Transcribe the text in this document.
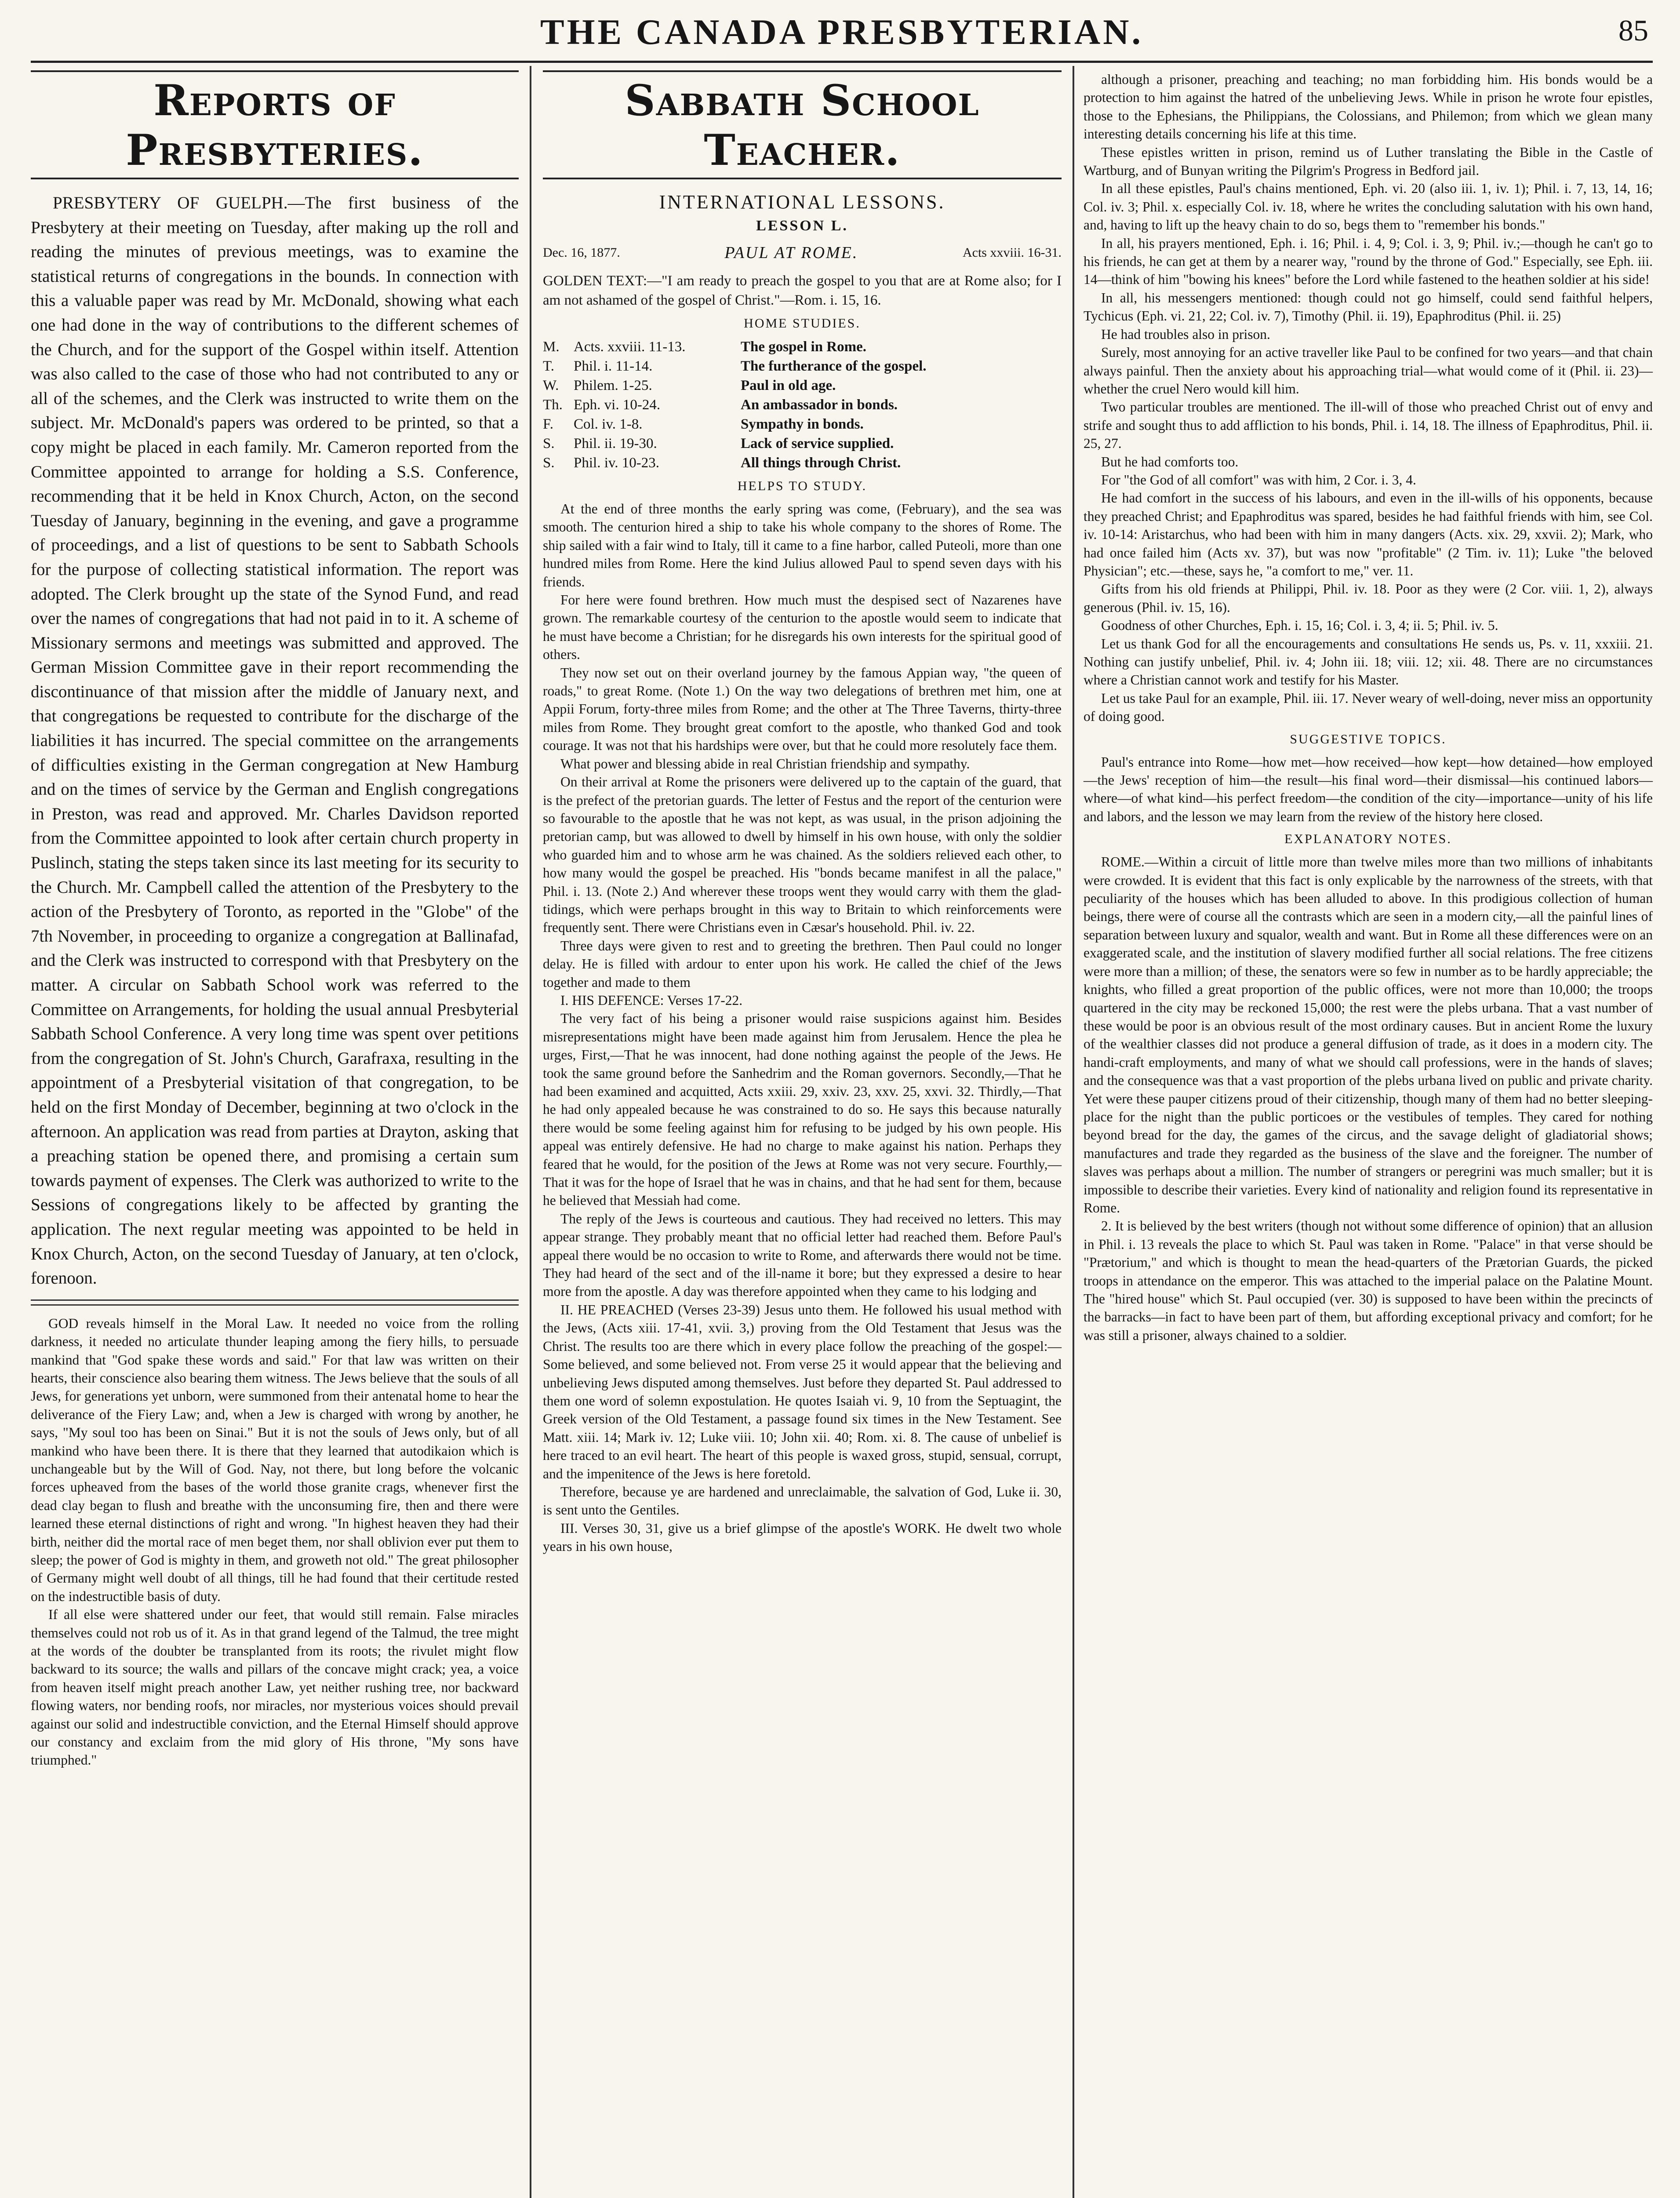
THE CANADA PRESBYTERIAN.	85
Reports of Presbyteries.

PRESBYTERY OF GUELPH.—The first business of the Presbytery at their meeting on Tuesday, after making up the roll and reading the minutes of previous meetings, was to examine the statistical returns of congregations in the bounds. In connection with this a valuable paper was read by Mr. McDonald, showing what each one had done in the way of contributions to the different schemes of the Church, and for the support of the Gospel within itself. Attention was also called to the case of those who had not contributed to any or all of the schemes, and the Clerk was instructed to write them on the subject. Mr. McDonald's papers was ordered to be printed, so that a copy might be placed in each family. Mr. Cameron reported from the Committee appointed to arrange for holding a S.S. Conference, recommending that it be held in Knox Church, Acton, on the second Tuesday of January, beginning in the evening, and gave a programme of proceedings, and a list of questions to be sent to Sabbath Schools for the purpose of collecting statistical information. The report was adopted. The Clerk brought up the state of the Synod Fund, and read over the names of congregations that had not paid in to it. A scheme of Missionary sermons and meetings was submitted and approved. The German Mission Committee gave in their report recommending the discontinuance of that mission after the middle of January next, and that congregations be requested to contribute for the discharge of the liabilities it has incurred. The special committee on the arrangements of difficulties existing in the German congregation at New Hamburg and on the times of service by the German and English congregations in Preston, was read and approved. Mr. Charles Davidson reported from the Committee appointed to look after certain church property in Puslinch, stating the steps taken since its last meeting for its security to the Church. Mr. Campbell called the attention of the Presbytery to the action of the Presbytery of Toronto, as reported in the "Globe" of the 7th November, in proceeding to organize a congregation at Ballinafad, and the Clerk was instructed to correspond with that Presbytery on the matter. A circular on Sabbath School work was referred to the Committee on Arrangements, for holding the usual annual Presbyterial Sabbath School Conference. A very long time was spent over petitions from the congregation of St. John's Church, Garafraxa, resulting in the appointment of a Presbyterial visitation of that congregation, to be held on the first Monday of December, beginning at two o'clock in the afternoon. An application was read from parties at Drayton, asking that a preaching station be opened there, and promising a certain sum towards payment of expenses. The Clerk was authorized to write to the Sessions of congregations likely to be affected by granting the application. The next regular meeting was appointed to be held in Knox Church, Acton, on the second Tuesday of January, at ten o'clock, forenoon.

GOD reveals himself in the Moral Law. It needed no voice from the rolling darkness, it needed no articulate thunder leaping among the fiery hills, to persuade mankind that "God spake these words and said." For that law was written on their hearts, their conscience also bearing them witness. The Jews believe that the souls of all Jews, for generations yet unborn, were summoned from their antenatal home to hear the deliverance of the Fiery Law; and, when a Jew is charged with wrong by another, he says, "My soul too has been on Sinai." But it is not the souls of Jews only, but of all mankind who have been there. It is there that they learned that autodikaion which is unchangeable but by the Will of God. Nay, not there, but long before the volcanic forces upheaved from the bases of the world those granite crags, whenever first the dead clay began to flush and breathe with the unconsuming fire, then and there were learned these eternal distinctions of right and wrong. "In highest heaven they had their birth, neither did the mortal race of men beget them, nor shall oblivion ever put them to sleep; the power of God is mighty in them, and groweth not old." The great philosopher of Germany might well doubt of all things, till he had found that their certitude rested on the indestructible basis of duty.

If all else were shattered under our feet, that would still remain. False miracles themselves could not rob us of it. As in that grand legend of the Talmud, the tree might at the words of the doubter be transplanted from its roots; the rivulet might flow backward to its source; the walls and pillars of the concave might crack; yea, a voice from heaven itself might preach another Law, yet neither rushing tree, nor backward flowing waters, nor bending roofs, nor miracles, nor mysterious voices should prevail against our solid and indestructible conviction, and the Eternal Himself should approve our constancy and exclaim from the mid glory of His throne, "My sons have triumphed."

Sabbath School Teacher.
INTERNATIONAL LESSONS.
LESSON L.
Dec. 16, 1877.	PAUL AT ROME.	Acts xxviii. 16-31.
GOLDEN TEXT:—"I am ready to preach the gospel to you that are at Rome also; for I am not ashamed of the gospel of Christ."—Rom. i. 15, 16.
HOME STUDIES.
M. Acts. xxviii. 11-13.	The gospel in Rome.
T.	Phil. i. 11-14.	The furtherance of the gospel.
W.	Philem. 1-25.	Paul in old age.
Th. Eph. vi. 10-24.	An ambassador in bonds.
F.	Col. iv. 1-8.	Sympathy in bonds.
S.	Phil. ii. 19-30.	Lack of service supplied.
S.	Phil. iv. 10-23.	All things through Christ.
HELPS TO STUDY.

At the end of three months the early spring was come, (February), and the sea was smooth. The centurion hired a ship to take his whole company to the shores of Rome. The ship sailed with a fair wind to Italy, till it came to a fine harbor, called Puteoli, more than one hundred miles from Rome. Here the kind Julius allowed Paul to spend seven days with his friends.

For here were found brethren. How much must the despised sect of Nazarenes have grown. The remarkable courtesy of the centurion to the apostle would seem to indicate that he must have become a Christian; for he disregards his own interests for the spiritual good of others.

They now set out on their overland journey by the famous Appian way, "the queen of roads," to great Rome. (Note 1.) On the way two delegations of brethren met him, one at Appii Forum, forty-three miles from Rome; and the other at The Three Taverns, thirty-three miles from Rome. They brought great comfort to the apostle, who thanked God and took courage. It was not that his hardships were over, but that he could more resolutely face them.

What power and blessing abide in real Christian friendship and sympathy.

On their arrival at Rome the prisoners were delivered up to the captain of the guard, that is the prefect of the pretorian guards. The letter of Festus and the report of the centurion were so favourable to the apostle that he was not kept, as was usual, in the prison adjoining the pretorian camp, but was allowed to dwell by himself in his own house, with only the soldier who guarded him and to whose arm he was chained. As the soldiers relieved each other, to how many would the gospel be preached. His "bonds became manifest in all the palace," Phil. i. 13. (Note 2.) And wherever these troops went they would carry with them the glad-tidings, which were perhaps brought in this way to Britain to which reinforcements were frequently sent. There were Christians even in Cæsar's household. Phil. iv. 22.

Three days were given to rest and to greeting the brethren. Then Paul could no longer delay. He is filled with ardour to enter upon his work. He called the chief of the Jews together and made to them

I. HIS DEFENCE: Verses 17-22.

The very fact of his being a prisoner would raise suspicions against him. Besides misrepresentations might have been made against him from Jerusalem. Hence the plea he urges, First,—That he was innocent, had done nothing against the people of the Jews. He took the same ground before the Sanhedrim and the Roman governors. Secondly,—That he had been examined and acquitted, Acts xxiii. 29, xxiv. 23, xxv. 25, xxvi. 32. Thirdly,—That he had only appealed because he was constrained to do so. He says this because naturally there would be some feeling against him for refusing to be judged by his own people. His appeal was entirely defensive. He had no charge to make against his nation. Perhaps they feared that he would, for the position of the Jews at Rome was not very secure. Fourthly,—That it was for the hope of Israel that he was in chains, and that he had sent for them, because he believed that Messiah had come.

The reply of the Jews is courteous and cautious. They had received no letters. This may appear strange. They probably meant that no official letter had reached them. Before Paul's appeal there would be no occasion to write to Rome, and afterwards there would not be time. They had heard of the sect and of the ill-name it bore; but they expressed a desire to hear more from the apostle. A day was therefore appointed when they came to his lodging and

II. HE PREACHED (Verses 23-39) Jesus unto them. He followed his usual method with the Jews, (Acts xiii. 17-41, xvii. 3,) proving from the Old Testament that Jesus was the Christ. The results too are there which in every place follow the preaching of the gospel:—Some believed, and some believed not. From verse 25 it would appear that the believing and unbelieving Jews disputed among themselves. Just before they departed St. Paul addressed to them one word of solemn expostulation. He quotes Isaiah vi. 9, 10 from the Septuagint, the Greek version of the Old Testament, a passage found six times in the New Testament. See Matt. xiii. 14; Mark iv. 12; Luke viii. 10; John xii. 40; Rom. xi. 8. The cause of unbelief is here traced to an evil heart. The heart of this people is waxed gross, stupid, sensual, corrupt, and the impenitence of the Jews is here foretold.

Therefore, because ye are hardened and unreclaimable, the salvation of God, Luke ii. 30, is sent unto the Gentiles.

III. Verses 30, 31, give us a brief glimpse of the apostle's WORK. He dwelt two whole years in his own house,

although a prisoner, preaching and teaching; no man forbidding him. His bonds would be a protection to him against the hatred of the unbelieving Jews. While in prison he wrote four epistles, those to the Ephesians, the Philippians, the Colossians, and Philemon; from which we glean many interesting details concerning his life at this time.

These epistles written in prison, remind us of Luther translating the Bible in the Castle of Wartburg, and of Bunyan writing the Pilgrim's Progress in Bedford jail.

In all these epistles, Paul's chains mentioned, Eph. vi. 20 (also iii. 1, iv. 1); Phil. i. 7, 13, 14, 16; Col. iv. 3; Phil. x. especially Col. iv. 18, where he writes the concluding salutation with his own hand, and, having to lift up the heavy chain to do so, begs them to "remember his bonds."

In all, his prayers mentioned, Eph. i. 16; Phil. i. 4, 9; Col. i. 3, 9; Phil. iv.;—though he can't go to his friends, he can get at them by a nearer way, "round by the throne of God." Especially, see Eph. iii. 14—think of him "bowing his knees" before the Lord while fastened to the heathen soldier at his side!

In all, his messengers mentioned: though could not go himself, could send faithful helpers, Tychicus (Eph. vi. 21, 22; Col. iv. 7), Timothy (Phil. ii. 19), Epaphroditus (Phil. ii. 25)

He had troubles also in prison.

Surely, most annoying for an active traveller like Paul to be confined for two years—and that chain always painful. Then the anxiety about his approaching trial—what would come of it (Phil. ii. 23)—whether the cruel Nero would kill him.

Two particular troubles are mentioned. The ill-will of those who preached Christ out of envy and strife and sought thus to add affliction to his bonds, Phil. i. 14, 18. The illness of Epaphroditus, Phil. ii. 25, 27.

But he had comforts too.

For "the God of all comfort" was with him, 2 Cor. i. 3, 4.

He had comfort in the success of his labours, and even in the ill-wills of his opponents, because they preached Christ; and Epaphroditus was spared, besides he had faithful friends with him, see Col. iv. 10-14: Aristarchus, who had been with him in many dangers (Acts. xix. 29, xxvii. 2); Mark, who had once failed him (Acts xv. 37), but was now "profitable" (2 Tim. iv. 11); Luke "the beloved Physician"; etc.—these, says he, "a comfort to me," ver. 11.

Gifts from his old friends at Philippi, Phil. iv. 18. Poor as they were (2 Cor. viii. 1, 2), always generous (Phil. iv. 15, 16).

Goodness of other Churches, Eph. i. 15, 16; Col. i. 3, 4; ii. 5; Phil. iv. 5.

Let us thank God for all the encouragements and consultations He sends us, Ps. v. 11, xxxiii. 21. Nothing can justify unbelief, Phil. iv. 4; John iii. 18; viii. 12; xii. 48. There are no circumstances where a Christian cannot work and testify for his Master.

Let us take Paul for an example, Phil. iii. 17. Never weary of well-doing, never miss an opportunity of doing good.

SUGGESTIVE TOPICS.

Paul's entrance into Rome—how met—how received—how kept—how detained—how employed—the Jews' reception of him—the result—his final word—their dismissal—his continued labors—where—of what kind—his perfect freedom—the condition of the city—importance—unity of his life and labors, and the lesson we may learn from the review of the history here closed.

EXPLANATORY NOTES.

ROME.—Within a circuit of little more than twelve miles more than two millions of inhabitants were crowded. It is evident that this fact is only explicable by the narrowness of the streets, with that peculiarity of the houses which has been alluded to above. In this prodigious collection of human beings, there were of course all the contrasts which are seen in a modern city,—all the painful lines of separation between luxury and squalor, wealth and want. But in Rome all these differences were on an exaggerated scale, and the institution of slavery modified further all social relations. The free citizens were more than a million; of these, the senators were so few in number as to be hardly appreciable; the knights, who filled a great proportion of the public offices, were not more than 10,000; the troops quartered in the city may be reckoned 15,000; the rest were the plebs urbana. That a vast number of these would be poor is an obvious result of the most ordinary causes. But in ancient Rome the luxury of the wealthier classes did not produce a general diffusion of trade, as it does in a modern city. The handi-craft employments, and many of what we should call professions, were in the hands of slaves; and the consequence was that a vast proportion of the plebs urbana lived on public and private charity. Yet were these pauper citizens proud of their citizenship, though many of them had no better sleeping-place for the night than the public porticoes or the vestibules of temples. They cared for nothing beyond bread for the day, the games of the circus, and the savage delight of gladiatorial shows; manufactures and trade they regarded as the business of the slave and the foreigner. The number of slaves was perhaps about a million. The number of strangers or peregrini was much smaller; but it is impossible to describe their varieties. Every kind of nationality and religion found its representative in Rome.

2. It is believed by the best writers (though not without some difference of opinion) that an allusion in Phil. i. 13 reveals the place to which St. Paul was taken in Rome. "Palace" in that verse should be "Prætorium," and which is thought to mean the head-quarters of the Prætorian Guards, the picked troops in attendance on the emperor. This was attached to the imperial palace on the Palatine Mount. The "hired house" which St. Paul occupied (ver. 30) is supposed to have been within the precincts of the barracks—in fact to have been part of them, but affording exceptional privacy and comfort; for he was still a prisoner, always chained to a soldier.
